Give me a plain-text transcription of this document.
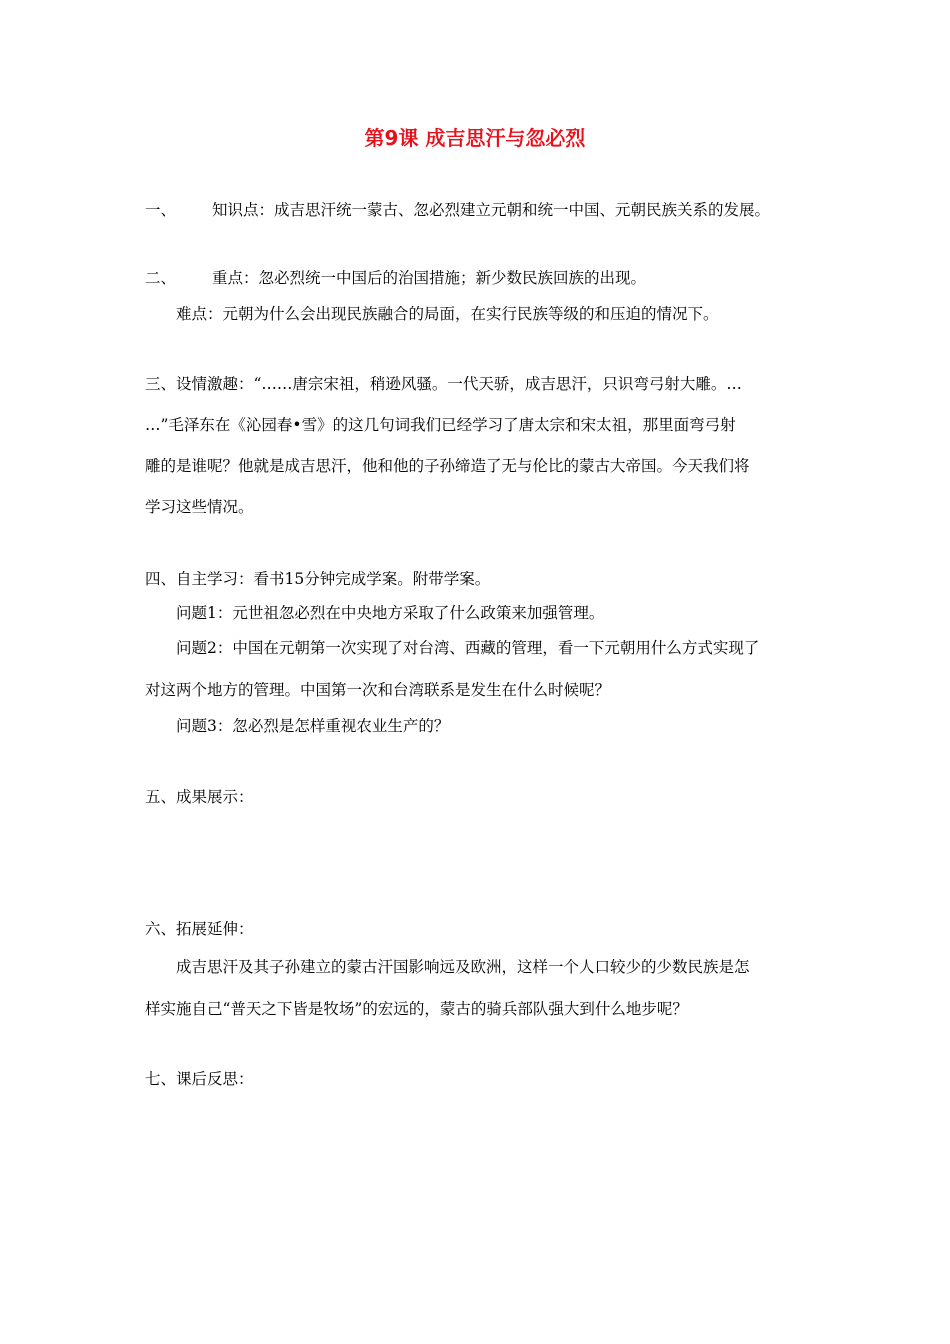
第9课 成吉思汗与忽必烈
一、 知识点：成吉思汗统一蒙古、忽必烈建立元朝和统一中国、元朝民族关系的发展。
二、 重点：忽必烈统一中国后的治国措施；新少数民族回族的出现。
难点：元朝为什么会出现民族融合的局面，在实行民族等级的和压迫的情况下。
三、设情激趣：“……唐宗宋祖，稍逊风骚。一代天骄，成吉思汗，只识弯弓射大雕。…
…”毛泽东在《沁园春•雪》的这几句词我们已经学习了唐太宗和宋太祖，那里面弯弓射
雕的是谁呢？他就是成吉思汗，他和他的子孙缔造了无与伦比的蒙古大帝国。今天我们将
学习这些情况。
四、自主学习：看书15分钟完成学案。附带学案。
问题1：元世祖忽必烈在中央地方采取了什么政策来加强管理。
问题2：中国在元朝第一次实现了对台湾、西藏的管理，看一下元朝用什么方式实现了
对这两个地方的管理。中国第一次和台湾联系是发生在什么时候呢？
问题3：忽必烈是怎样重视农业生产的？
五、成果展示：
六、拓展延伸：
成吉思汗及其子孙建立的蒙古汗国影响远及欧洲，这样一个人口较少的少数民族是怎
样实施自己“普天之下皆是牧场”的宏远的，蒙古的骑兵部队强大到什么地步呢？
七、课后反思：
